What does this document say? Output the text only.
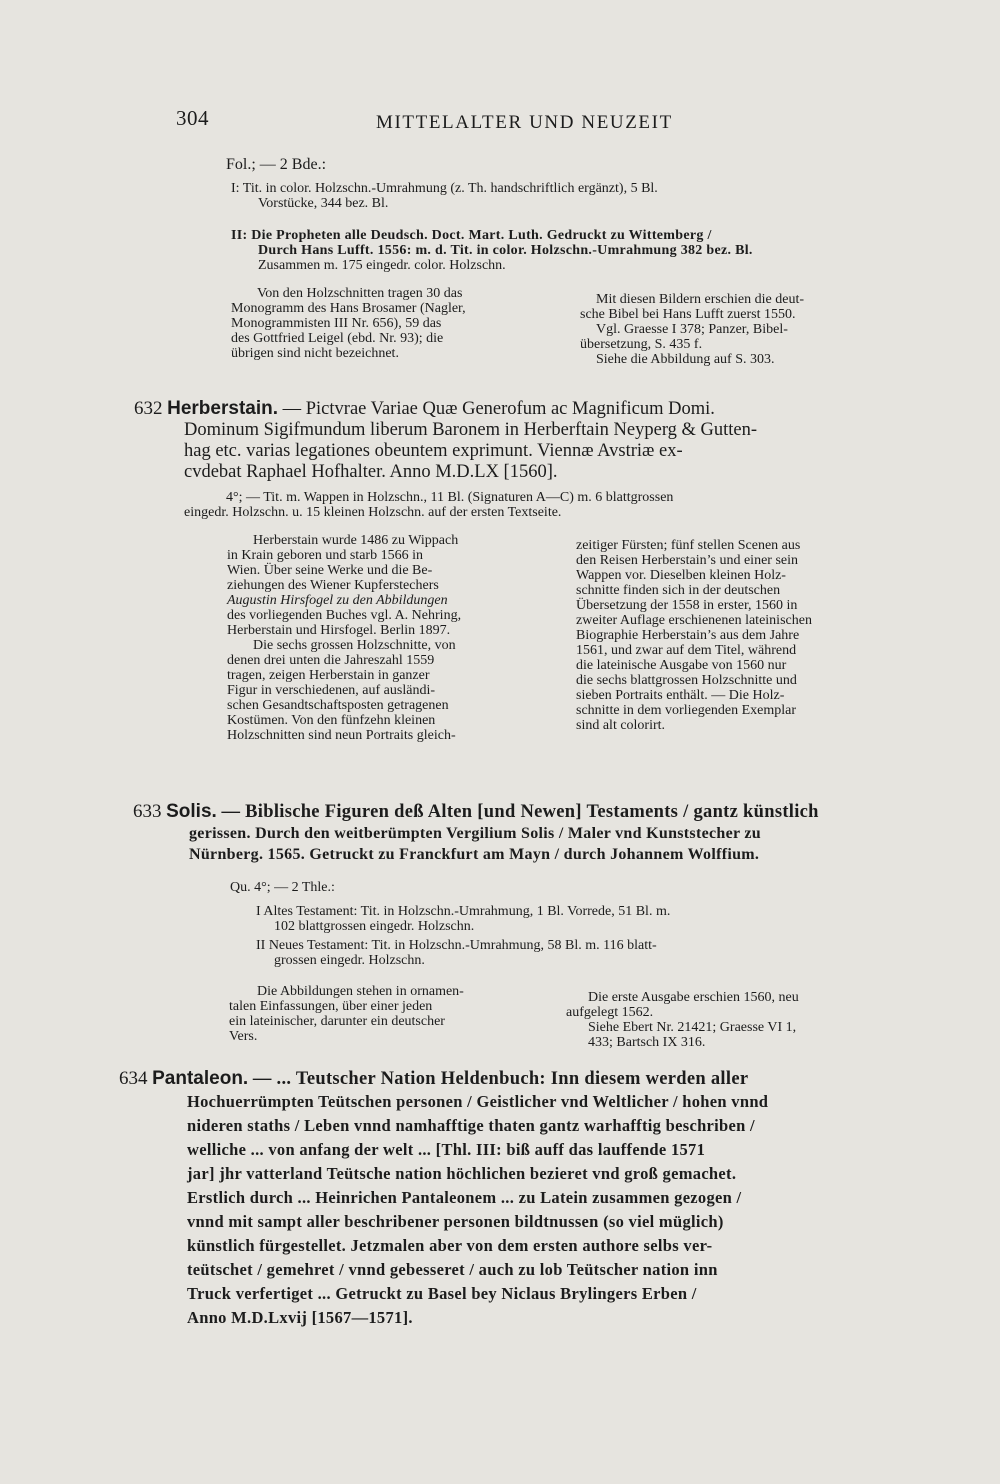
304	MITTELALTER UND NEUZEIT
Fol.; — 2 Bde.:
I: Tit. in color. Holzschn.-Umrahmung (z. Th. handschriftlich ergänzt), 5 Bl.
Vorstücke, 344 bez. Bl.
II: Die Propheten alle Deudsch. Doct. Mart. Luth. Gedruckt zu Wittemberg /
Durch Hans Lufft. 1556: m. d. Tit. in color. Holzschn.-Umrahmung 382 bez. Bl.
Zusammen m. 175 eingedr. color. Holzschn.
Von den Holzschnitten tragen 30 das
Monogramm des Hans Brosamer (Nagler,
Monogrammisten III Nr. 656), 59 das
des Gottfried Leigel (ebd. Nr. 93); die
übrigen sind nicht bezeichnet.
Mit diesen Bildern erschien die deut-
sche Bibel bei Hans Lufft zuerst 1550.
Vgl. Graesse I 378; Panzer, Bibel-
übersetzung, S. 435 f.
Siehe die Abbildung auf S. 303.
632 Herberstain. — Pictvrae Variae Quæ Generofum ac Magnificum Domi.
Dominum Sigifmundum liberum Baronem in Herberftain Neyperg & Gutten-
hag etc. varias legationes obeuntem exprimunt. Viennæ Avstriæ ex-
cvdebat Raphael Hofhalter. Anno M.D.LX [1560].
4°; — Tit. m. Wappen in Holzschn., 11 Bl. (Signaturen A—C) m. 6 blattgrossen
eingedr. Holzschn. u. 15 kleinen Holzschn. auf der ersten Textseite.
Herberstain wurde 1486 zu Wippach
in Krain geboren und starb 1566 in
Wien. Über seine Werke und die Be-
ziehungen des Wiener Kupferstechers
Augustin Hirsfogel zu den Abbildungen
des vorliegenden Buches vgl. A. Nehring,
Herberstain und Hirsfogel. Berlin 1897.
Die sechs grossen Holzschnitte, von
denen drei unten die Jahreszahl 1559
tragen, zeigen Herberstain in ganzer
Figur in verschiedenen, auf ausländi-
schen Gesandtschaftsposten getragenen
Kostümen. Von den fünfzehn kleinen
Holzschnitten sind neun Portraits gleich-
zeitiger Fürsten; fünf stellen Scenen aus
den Reisen Herberstain’s und einer sein
Wappen vor. Dieselben kleinen Holz-
schnitte finden sich in der deutschen
Übersetzung der 1558 in erster, 1560 in
zweiter Auflage erschienenen lateinischen
Biographie Herberstain’s aus dem Jahre
1561, und zwar auf dem Titel, während
die lateinische Ausgabe von 1560 nur
die sechs blattgrossen Holzschnitte und
sieben Portraits enthält. — Die Holz-
schnitte in dem vorliegenden Exemplar
sind alt colorirt.
633 Solis. — Biblische Figuren deß Alten [und Newen] Testaments / gantz künstlich
gerissen. Durch den weitberümpten Vergilium Solis / Maler vnd Kunststecher zu
Nürnberg. 1565. Getruckt zu Franckfurt am Mayn / durch Johannem Wolffium.
Qu. 4°; — 2 Thle.:
I Altes Testament: Tit. in Holzschn.-Umrahmung, 1 Bl. Vorrede, 51 Bl. m.
102 blattgrossen eingedr. Holzschn.
II Neues Testament: Tit. in Holzschn.-Umrahmung, 58 Bl. m. 116 blatt-
grossen eingedr. Holzschn.
Die Abbildungen stehen in ornamen-
talen Einfassungen, über einer jeden
ein lateinischer, darunter ein deutscher
Vers.
Die erste Ausgabe erschien 1560, neu
aufgelegt 1562.
Siehe Ebert Nr. 21421; Graesse VI 1,
433; Bartsch IX 316.
634 Pantaleon. — ... Teutscher Nation Heldenbuch: Inn diesem werden aller
Hochuerrümpten Teütschen personen / Geistlicher vnd Weltlicher / hohen vnnd
nideren staths / Leben vnnd namhafftige thaten gantz warhafftig beschriben /
welliche ... von anfang der welt ... [Thl. III: biß auff das lauffende 1571
jar] jhr vatterland Teütsche nation höchlichen bezieret vnd groß gemachet.
Erstlich durch ... Heinrichen Pantaleonem ... zu Latein zusammen gezogen /
vnnd mit sampt aller beschribener personen bildtnussen (so viel müglich)
künstlich fürgestellet. Jetzmalen aber von dem ersten authore selbs ver-
teütschet / gemehret / vnnd gebesseret / auch zu lob Teütscher nation inn
Truck verfertiget ... Getruckt zu Basel bey Niclaus Brylingers Erben /
Anno M.D.Lxvij [1567—1571].
